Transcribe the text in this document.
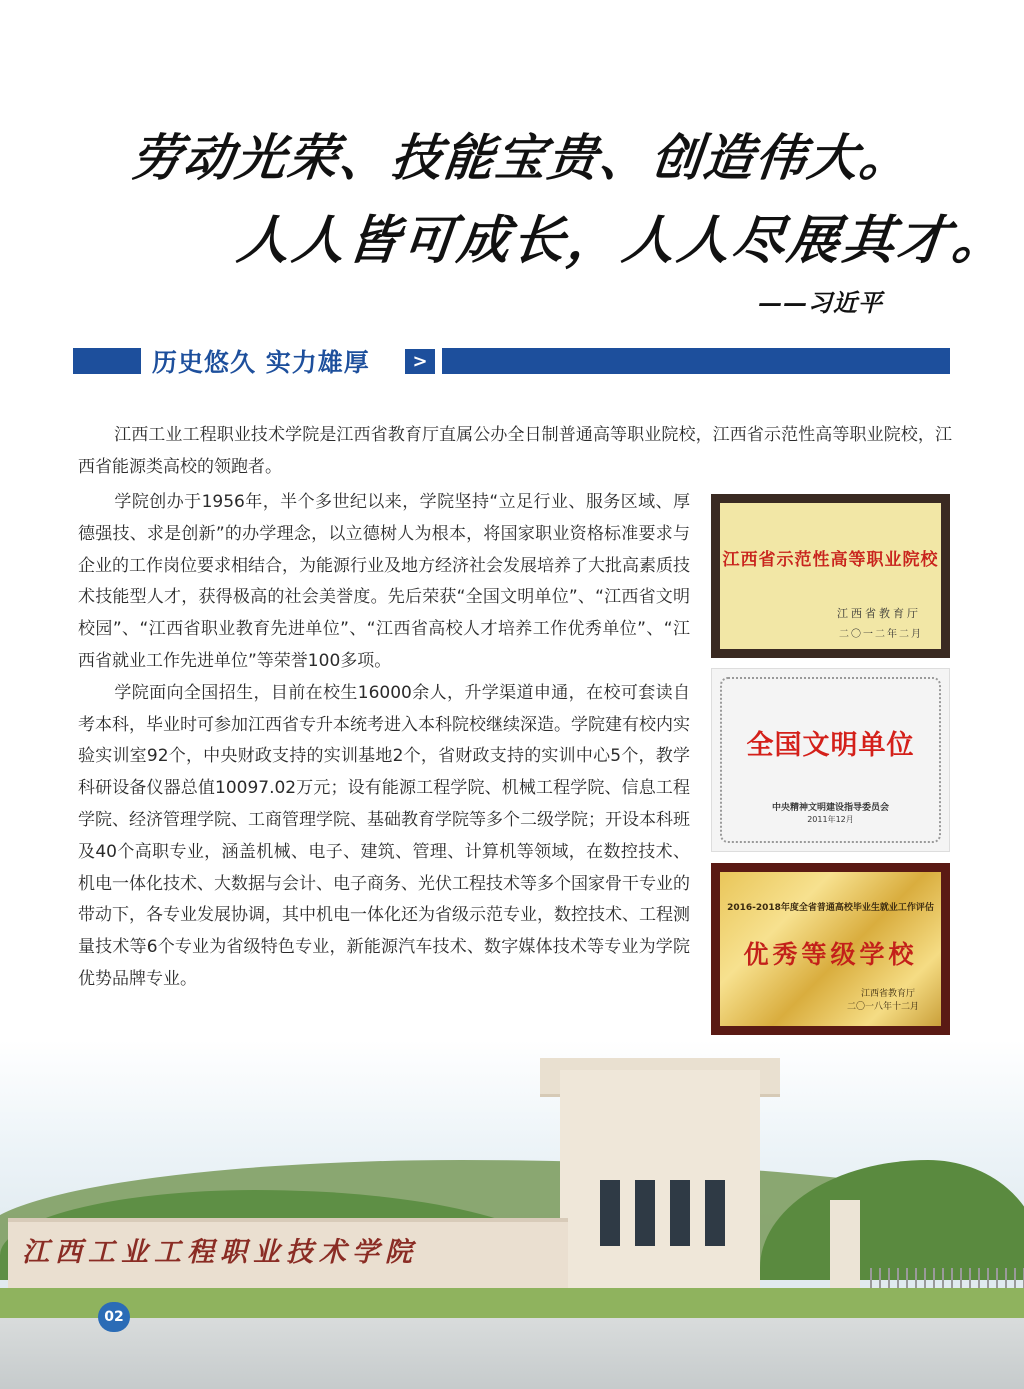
劳动光荣、技能宝贵、创造伟大。
人人皆可成长，人人尽展其才。
——习近平
历史悠久 实力雄厚	>
江西工业工程职业技术学院是江西省教育厅直属公办全日制普通高等职业院校，江西省示范性高等职业院校，江西省能源类高校的领跑者。
学院创办于1956年，半个多世纪以来，学院坚持“立足行业、服务区域、厚德强技、求是创新”的办学理念，以立德树人为根本，将国家职业资格标准要求与企业的工作岗位要求相结合，为能源行业及地方经济社会发展培养了大批高素质技术技能型人才，获得极高的社会美誉度。先后荣获“全国文明单位”、“江西省文明校园”、“江西省职业教育先进单位”、“江西省高校人才培养工作优秀单位”、“江西省就业工作先进单位”等荣誉100多项。
学院面向全国招生，目前在校生16000余人，升学渠道申通，在校可套读自考本科，毕业时可参加江西省专升本统考进入本科院校继续深造。学院建有校内实验实训室92个，中央财政支持的实训基地2个，省财政支持的实训中心5个，教学科研设备仪器总值10097.02万元；设有能源工程学院、机械工程学院、信息工程学院、经济管理学院、工商管理学院、基础教育学院等多个二级学院；开设本科班及40个高职专业，涵盖机械、电子、建筑、管理、计算机等领域，在数控技术、机电一体化技术、大数据与会计、电子商务、光伏工程技术等多个国家骨干专业的带动下，各专业发展协调，其中机电一体化还为省级示范专业，数控技术、工程测量技术等6个专业为省级特色专业，新能源汽车技术、数字媒体技术等专业为学院优势品牌专业。
江西省示范性高等职业院校
江西省教育厅
二〇一二年二月
全国文明单位
中央精神文明建设指导委员会
2011年12月
2016-2018年度全省普通高校毕业生就业工作评估
优秀等级学校
江西省教育厅
二〇一八年十二月
江西工业工程职业技术学院
02
